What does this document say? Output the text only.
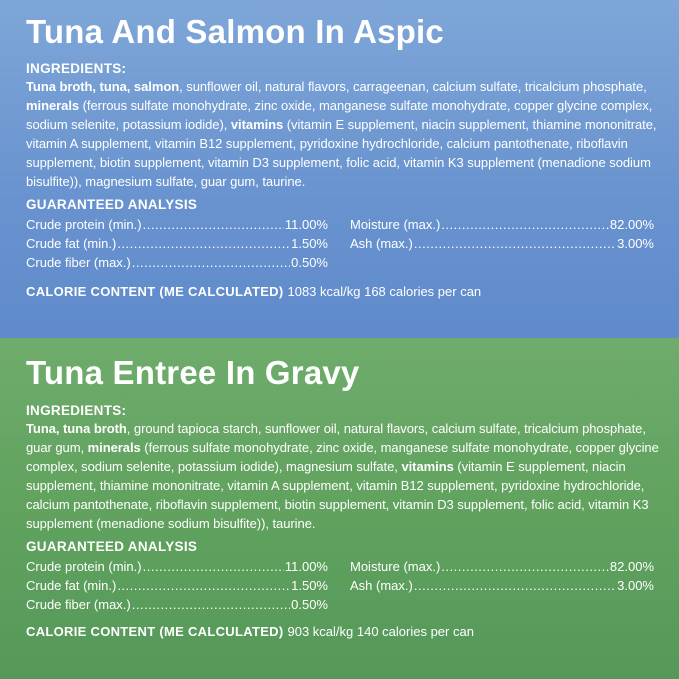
Tuna And Salmon In Aspic

INGREDIENTS:

Tuna broth, tuna, salmon, sunflower oil, natural flavors, carrageenan, calcium sulfate, tricalcium phosphate, minerals (ferrous sulfate monohydrate, zinc oxide, manganese sulfate monohydrate, copper glycine complex, sodium selenite, potassium iodide), vitamins (vitamin E supplement, niacin supplement, thiamine mononitrate, vitamin A supplement, vitamin B12 supplement, pyridoxine hydrochloride, calcium pantothenate, riboflavin supplement, biotin supplement, vitamin D3 supplement, folic acid, vitamin K3 supplement (menadione sodium bisulfite)), magnesium sulfate, guar gum, taurine.

GUARANTEED ANALYSIS

Crude protein (min.) .....	11.00%
Crude fat (min.) .....	1.50%
Crude fiber (max.) .....	0.50%
Moisture (max.) .....	82.00%
Ash (max.) .....	3.00%

CALORIE CONTENT (ME CALCULATED) 1083 kcal/kg 168 calories per can

Tuna Entree In Gravy

INGREDIENTS:

Tuna, tuna broth, ground tapioca starch, sunflower oil, natural flavors, calcium sulfate, tricalcium phosphate, guar gum, minerals (ferrous sulfate monohydrate, zinc oxide, manganese sulfate monohydrate, copper glycine complex, sodium selenite, potassium iodide), magnesium sulfate, vitamins (vitamin E supplement, niacin supplement, thiamine mononitrate, vitamin A supplement, vitamin B12 supplement, pyridoxine hydrochloride, calcium pantothenate, riboflavin supplement, biotin supplement, vitamin D3 supplement, folic acid, vitamin K3 supplement (menadione sodium bisulfite)), taurine.

GUARANTEED ANALYSIS

Crude protein (min.) .....	11.00%
Crude fat (min.) .....	1.50%
Crude fiber (max.) .....	0.50%
Moisture (max.) .....	82.00%
Ash (max.) .....	3.00%

CALORIE CONTENT (ME CALCULATED) 903 kcal/kg 140 calories per can
